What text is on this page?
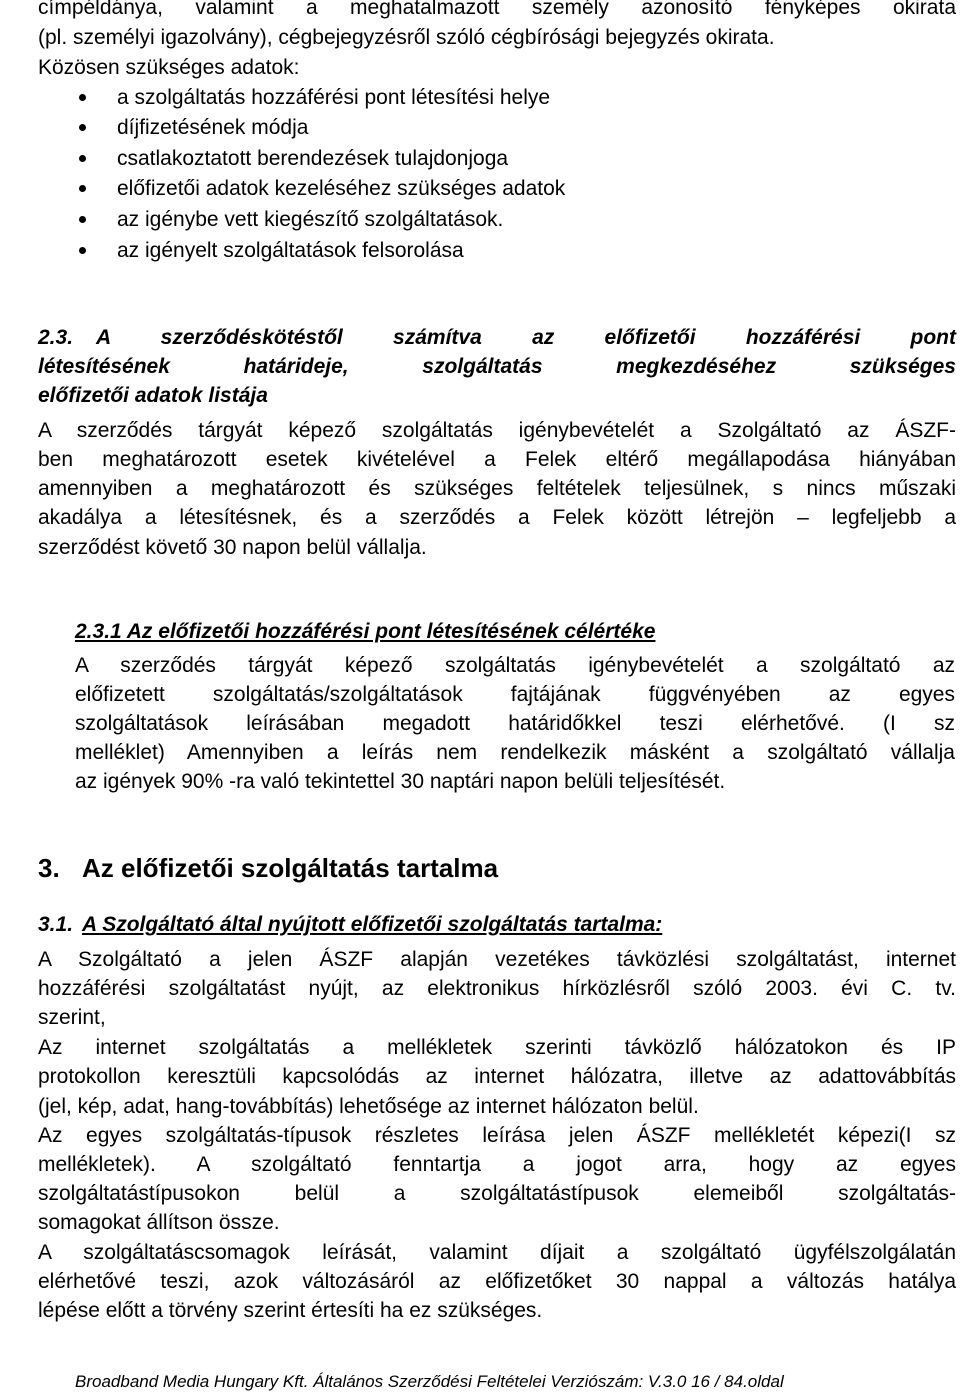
címpéldánya, valamint a meghatalmazott személy azonosító fényképes okirata
(pl. személyi igazolvány), cégbejegyzésről szóló cégbírósági bejegyzés okirata.
Közösen szükséges adatok:
a szolgáltatás hozzáférési pont létesítési helye
díjfizetésének módja
csatlakoztatott berendezések tulajdonjoga
előfizetői adatok kezeléséhez szükséges adatok
az igénybe vett kiegészítő szolgáltatások.
az igényelt szolgáltatások felsorolása
2.3. A szerződéskötéstől számítva az előfizetői hozzáférési pont
létesítésének határideje, szolgáltatás megkezdéséhez szükséges
előfizetői adatok listája
A szerződés tárgyát képező szolgáltatás igénybevételét a Szolgáltató az ÁSZF-
ben meghatározott esetek kivételével a Felek eltérő megállapodása hiányában
amennyiben a meghatározott és szükséges feltételek teljesülnek, s nincs műszaki
akadálya a létesítésnek, és a szerződés a Felek között létrejön – legfeljebb a
szerződést követő 30 napon belül vállalja.
2.3.1 Az előfizetői hozzáférési pont létesítésének célértéke
A szerződés tárgyát képező szolgáltatás igénybevételét a szolgáltató az
előfizetett szolgáltatás/szolgáltatások fajtájának függvényében az egyes
szolgáltatások leírásában megadott határidőkkel teszi elérhetővé. (I sz
melléklet) Amennyiben a leírás nem rendelkezik másként a szolgáltató vállalja
az igények 90% -ra való tekintettel 30 naptári napon belüli teljesítését.
3. Az előfizetői szolgáltatás tartalma
3.1. A Szolgáltató által nyújtott előfizetői szolgáltatás tartalma:
A Szolgáltató a jelen ÁSZF alapján vezetékes távközlési szolgáltatást, internet
hozzáférési szolgáltatást nyújt, az elektronikus hírközlésről szóló 2003. évi C. tv.
szerint,
Az internet szolgáltatás a mellékletek szerinti távközlő hálózatokon és IP
protokollon keresztüli kapcsolódás az internet hálózatra, illetve az adattovábbítás
(jel, kép, adat, hang-továbbítás) lehetősége az internet hálózaton belül.
Az egyes szolgáltatás-típusok részletes leírása jelen ÁSZF mellékletét képezi(I sz
mellékletek). A szolgáltató fenntartja a jogot arra, hogy az egyes
szolgáltatástípusokon belül a szolgáltatástípusok elemeiből szolgáltatás-
somagokat állítson össze.
A szolgáltatáscsomagok leírását, valamint díjait a szolgáltató ügyfélszolgálatán
elérhetővé teszi, azok változásáról az előfizetőket 30 nappal a változás hatálya
lépése előtt a törvény szerint értesíti ha ez szükséges.
Broadband Media Hungary Kft. Általános Szerződési Feltételei Verziószám: V.3.0 16 / 84.oldal
